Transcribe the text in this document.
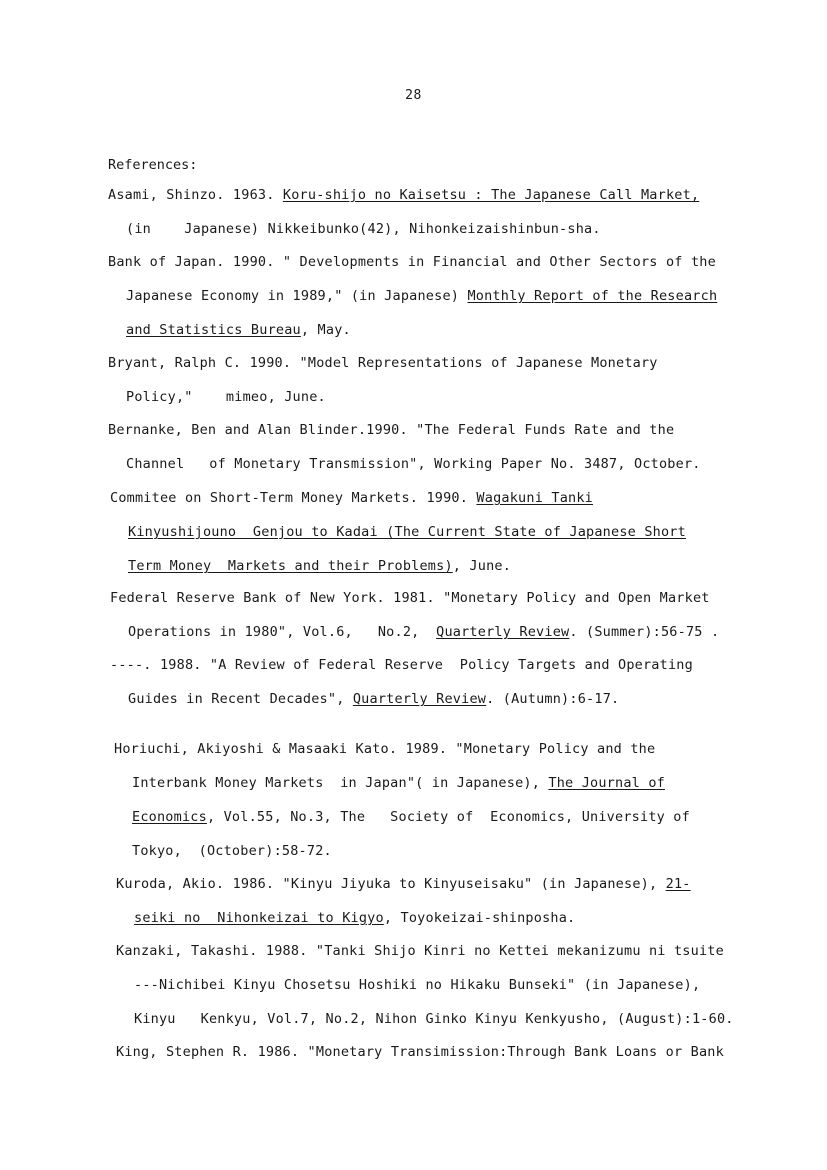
28
References:
Asami, Shinzo. 1963. Koru-shijo no Kaisetsu : The Japanese Call Market,
(in    Japanese) Nikkeibunko(42), Nihonkeizaishinbun-sha.
Bank of Japan. 1990. " Developments in Financial and Other Sectors of the
Japanese Economy in 1989," (in Japanese) Monthly Report of the Research
and Statistics Bureau, May.
Bryant, Ralph C. 1990. "Model Representations of Japanese Monetary
Policy,"    mimeo, June.
Bernanke, Ben and Alan Blinder.1990. "The Federal Funds Rate and the
Channel   of Monetary Transmission", Working Paper No. 3487, October.
Commitee on Short-Term Money Markets. 1990. Wagakuni Tanki
Kinyushijouno  Genjou to Kadai (The Current State of Japanese Short
Term Money  Markets and their Problems), June.
Federal Reserve Bank of New York. 1981. "Monetary Policy and Open Market
Operations in 1980", Vol.6,   No.2,  Quarterly Review. (Summer):56-75 .
----. 1988. "A Review of Federal Reserve  Policy Targets and Operating
Guides in Recent Decades", Quarterly Review. (Autumn):6-17.
Horiuchi, Akiyoshi & Masaaki Kato. 1989. "Monetary Policy and the
Interbank Money Markets  in Japan"( in Japanese), The Journal of
Economics, Vol.55, No.3, The   Society of  Economics, University of
Tokyo,  (October):58-72.
Kuroda, Akio. 1986. "Kinyu Jiyuka to Kinyuseisaku" (in Japanese), 21-
seiki no  Nihonkeizai to Kigyo, Toyokeizai-shinposha.
Kanzaki, Takashi. 1988. "Tanki Shijo Kinri no Kettei mekanizumu ni tsuite
---Nichibei Kinyu Chosetsu Hoshiki no Hikaku Bunseki" (in Japanese),
Kinyu   Kenkyu, Vol.7, No.2, Nihon Ginko Kinyu Kenkyusho, (August):1-60.
King, Stephen R. 1986. "Monetary Transimission:Through Bank Loans or Bank
